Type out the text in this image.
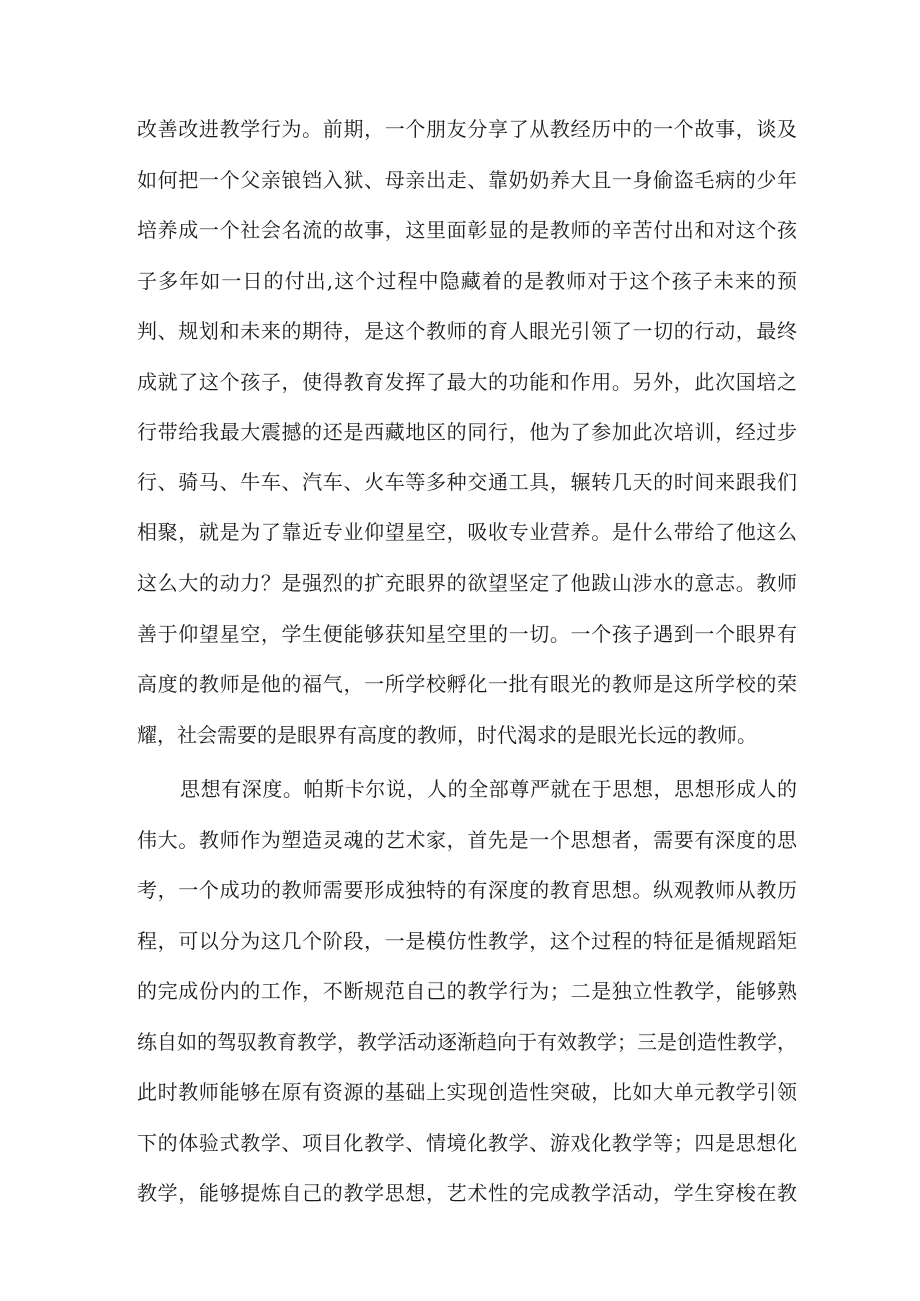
改善改进教学行为。前期，一个朋友分享了从教经历中的一个故事，谈及
如何把一个父亲锒铛入狱、母亲出走、靠奶奶养大且一身偷盗毛病的少年
培养成一个社会名流的故事，这里面彰显的是教师的辛苦付出和对这个孩
子多年如一日的付出,这个过程中隐藏着的是教师对于这个孩子未来的预
判、规划和未来的期待，是这个教师的育人眼光引领了一切的行动，最终
成就了这个孩子，使得教育发挥了最大的功能和作用。另外，此次国培之
行带给我最大震撼的还是西藏地区的同行，他为了参加此次培训，经过步
行、骑马、牛车、汽车、火车等多种交通工具，辗转几天的时间来跟我们
相聚，就是为了靠近专业仰望星空，吸收专业营养。是什么带给了他这么
这么大的动力？是强烈的扩充眼界的欲望坚定了他跋山涉水的意志。教师
善于仰望星空，学生便能够获知星空里的一切。一个孩子遇到一个眼界有
高度的教师是他的福气，一所学校孵化一批有眼光的教师是这所学校的荣
耀，社会需要的是眼界有高度的教师，时代渴求的是眼光长远的教师。
思想有深度。帕斯卡尔说，人的全部尊严就在于思想，思想形成人的
伟大。教师作为塑造灵魂的艺术家，首先是一个思想者，需要有深度的思
考，一个成功的教师需要形成独特的有深度的教育思想。纵观教师从教历
程，可以分为这几个阶段，一是模仿性教学，这个过程的特征是循规蹈矩
的完成份内的工作，不断规范自己的教学行为；二是独立性教学，能够熟
练自如的驾驭教育教学，教学活动逐渐趋向于有效教学；三是创造性教学，
此时教师能够在原有资源的基础上实现创造性突破，比如大单元教学引领
下的体验式教学、项目化教学、情境化教学、游戏化教学等；四是思想化
教学，能够提炼自己的教学思想，艺术性的完成教学活动，学生穿梭在教
